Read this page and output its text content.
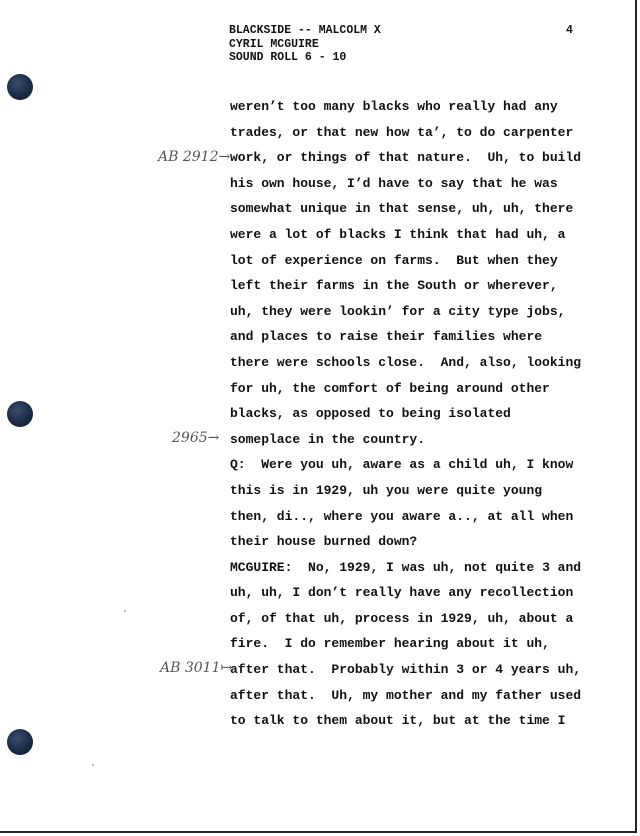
BLACKSIDE -- MALCOLM X
CYRIL MCGUIRE
SOUND ROLL 6 - 10
4
AB 2912→
2965→
AB 3011↦
weren’t too many blacks who really had any
trades, or that new how ta’, to do carpenter
work, or things of that nature.  Uh, to build
his own house, I’d have to say that he was
somewhat unique in that sense, uh, uh, there
were a lot of blacks I think that had uh, a
lot of experience on farms.  But when they
left their farms in the South or wherever,
uh, they were lookin’ for a city type jobs,
and places to raise their families where
there were schools close.  And, also, looking
for uh, the comfort of being around other
blacks, as opposed to being isolated
someplace in the country.
Q:  Were you uh, aware as a child uh, I know
this is in 1929, uh you were quite young
then, di.., where you aware a.., at all when
their house burned down?
MCGUIRE: No, 1929, I was uh, not quite 3 and
uh, uh, I don’t really have any recollection
of, of that uh, process in 1929, uh, about a
fire.  I do remember hearing about it uh,
after that.  Probably within 3 or 4 years uh,
after that.  Uh, my mother and my father used
to talk to them about it, but at the time I
